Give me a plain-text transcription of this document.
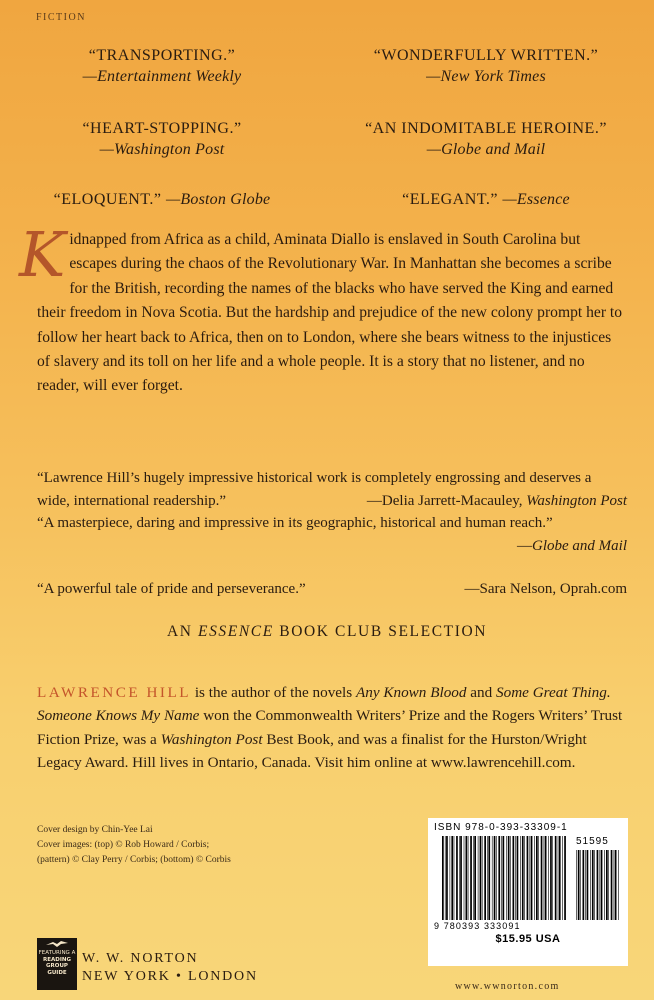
FICTION
“TRANSPORTING.”
—Entertainment Weekly
“WONDERFULLY WRITTEN.”
—New York Times
“HEART-STOPPING.”
—Washington Post
“AN INDOMITABLE HEROINE.”
—Globe and Mail
“ELOQUENT.” —Boston Globe	“ELEGANT.” —Essence
Kidnapped from Africa as a child, Aminata Diallo is enslaved in South Carolina but escapes during the chaos of the Revolutionary War. In Manhattan she becomes a scribe for the British, recording the names of the blacks who have served the King and earned their freedom in Nova Scotia. But the hardship and prejudice of the new colony prompt her to follow her heart back to Africa, then on to London, where she bears witness to the injustices of slavery and its toll on her life and a whole people. It is a story that no listener, and no reader, will ever forget.
“Lawrence Hill’s hugely impressive historical work is completely engrossing and deserves a wide, international readership.”	—Delia Jarrett-Macauley, Washington Post
“A masterpiece, daring and impressive in its geographic, historical and human reach.”
—Globe and Mail
“A powerful tale of pride and perseverance.”	—Sara Nelson, Oprah.com
AN ESSENCE BOOK CLUB SELECTION
LAWRENCE HILL is the author of the novels Any Known Blood and Some Great Thing. Someone Knows My Name won the Commonwealth Writers’ Prize and the Rogers Writers’ Trust Fiction Prize, was a Washington Post Best Book, and was a finalist for the Hurston/Wright Legacy Award. Hill lives in Ontario, Canada. Visit him online at www.lawrencehill.com.
Cover design by Chin-Yee Lai
Cover images: (top) © Rob Howard / Corbis;
(pattern) © Clay Perry / Corbis; (bottom) © Corbis
FEATURING A
READING
GROUP
GUIDE
W. W. NORTON
NEW YORK • LONDON
ISBN 978-0-393-33309-1
51595
9 780393 333091
$15.95 USA
www.wwnorton.com
